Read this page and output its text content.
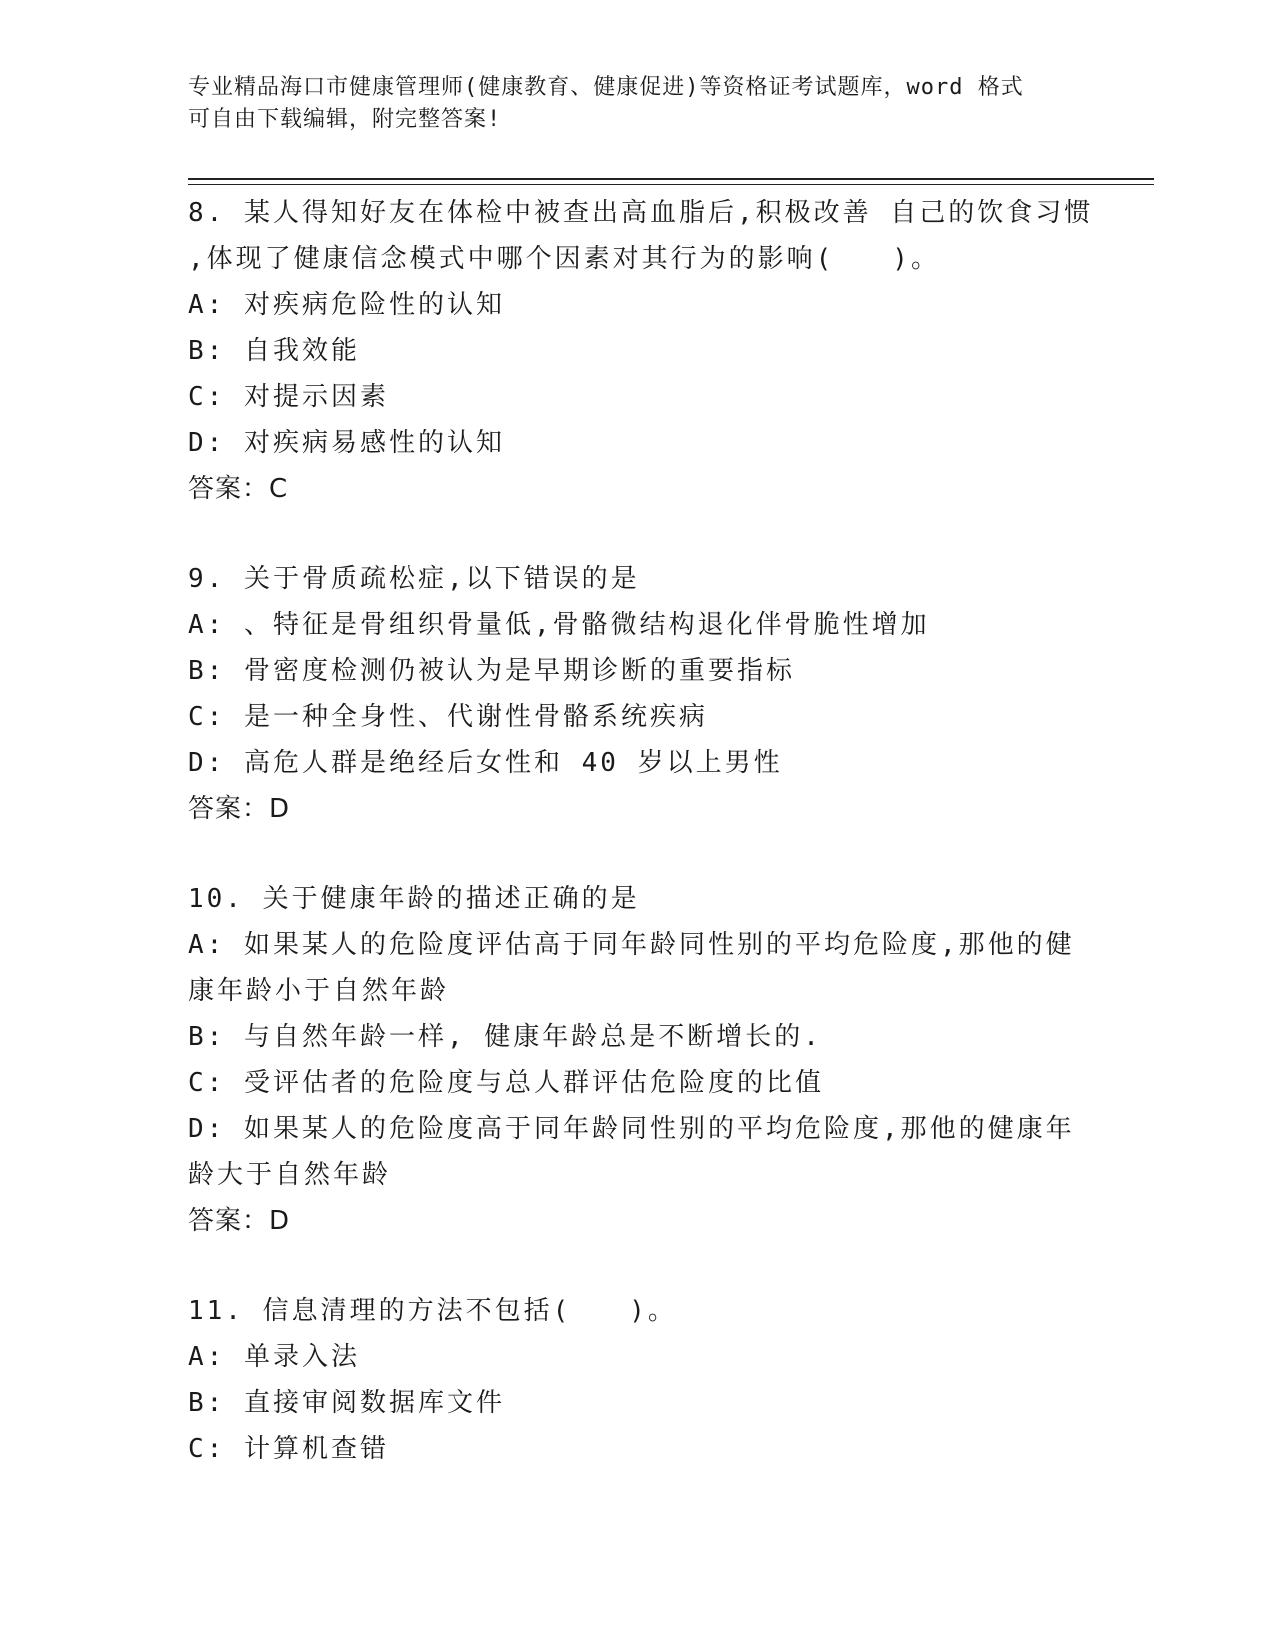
专业精品海口市健康管理师(健康教育、健康促进)等资格证考试题库，word 格式
可自由下载编辑，附完整答案!
8. 某人得知好友在体检中被查出高血脂后,积极改善 自己的饮食习惯
,体现了健康信念模式中哪个因素对其行为的影响(　　)。
A: 对疾病危险性的认知
B: 自我效能
C: 对提示因素
D: 对疾病易感性的认知
答案：C
9. 关于骨质疏松症,以下错误的是
A: 、特征是骨组织骨量低,骨骼微结构退化伴骨脆性增加
B: 骨密度检测仍被认为是早期诊断的重要指标
C: 是一种全身性、代谢性骨骼系统疾病
D: 高危人群是绝经后女性和 40 岁以上男性
答案：D
10. 关于健康年龄的描述正确的是
A: 如果某人的危险度评估高于同年龄同性别的平均危险度,那他的健
康年龄小于自然年龄
B: 与自然年龄一样, 健康年龄总是不断增长的.
C: 受评估者的危险度与总人群评估危险度的比值
D: 如果某人的危险度高于同年龄同性别的平均危险度,那他的健康年
龄大于自然年龄
答案：D
11. 信息清理的方法不包括(　　)。
A: 单录入法
B: 直接审阅数据库文件
C: 计算机查错
